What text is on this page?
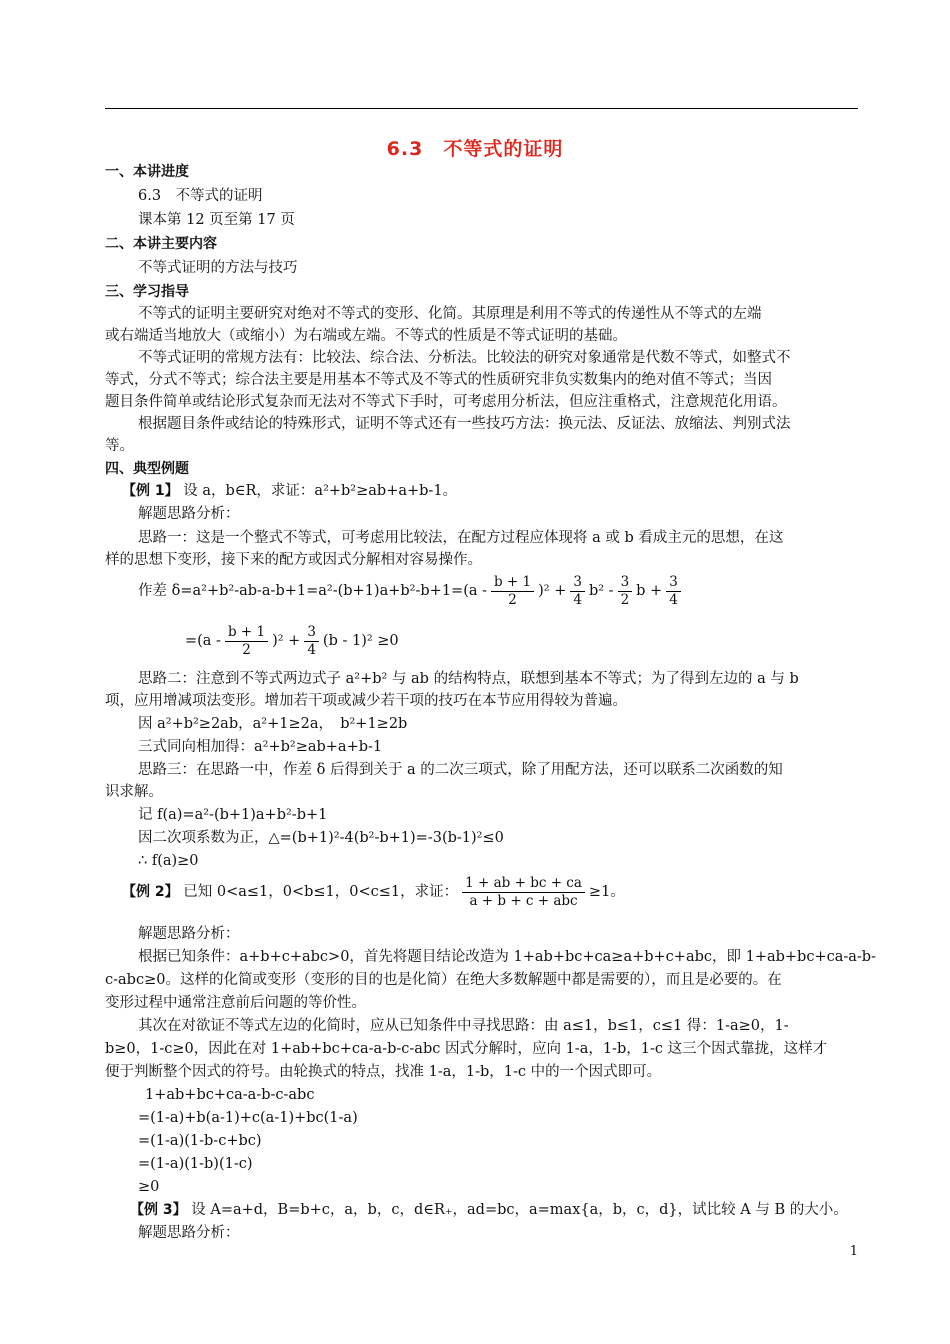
6.3　不等式的证明
一、本讲进度
6.3　不等式的证明
课本第 12 页至第 17 页
二、本讲主要内容
不等式证明的方法与技巧
三、学习指导
不等式的证明主要研究对绝对不等式的变形、化简。其原理是利用不等式的传递性从不等式的左端
或右端适当地放大（或缩小）为右端或左端。不等式的性质是不等式证明的基础。
不等式证明的常规方法有：比较法、综合法、分析法。比较法的研究对象通常是代数不等式，如整式不
等式，分式不等式；综合法主要是用基本不等式及不等式的性质研究非负实数集内的绝对值不等式；当因
题目条件简单或结论形式复杂而无法对不等式下手时，可考虑用分析法，但应注重格式，注意规范化用语。
根据题目条件或结论的特殊形式，证明不等式还有一些技巧方法：换元法、反证法、放缩法、判别式法
等。
四、典型例题
【例 1】 设 a，b∈R，求证：a²+b²≥ab+a+b-1。
解题思路分析：
思路一：这是一个整式不等式，可考虑用比较法，在配方过程应体现将 a 或 b 看成主元的思想，在这
样的思想下变形，接下来的配方或因式分解相对容易操作。
作差 $\delta=a^2+b^2-ab-a-b+1=a^2-(b+1)a+b^2-b+1=(a - \frac{b + 1}{2} )^2 + \frac{3}{4} b^2 - \frac{3}{2}$ $b + \frac{3}{4}$
$=(a - \frac{b + 1}{2} )^2 + \frac{3}{4} (b - 1)^2 \ge 0$
思路二：注意到不等式两边式子 a²+b² 与 ab 的结构特点，联想到基本不等式；为了得到左边的 a 与 b
项，应用增减项法变形。增加若干项或减少若干项的技巧在本节应用得较为普遍。
因 a²+b²≥2ab，a²+1≥2a，　b²+1≥2b
三式同向相加得：a²+b²≥ab+a+b-1
思路三：在思路一中，作差 δ 后得到关于 a 的二次三项式，除了用配方法，还可以联系二次函数的知
识求解。
记 f(a)=a²-(b+1)a+b²-b+1
因二次项系数为正，△=(b+1)²-4(b²-b+1)=-3(b-1)²≤0
∴ f(a)≥0
【例 2】 已知 0<a≤1，0<b≤1，0<c≤1，求证： $\frac{1 + ab + bc + ca}{\text{a + b + c + abc}} \ge 1$。
解题思路分析：
根据已知条件：a+b+c+abc>0，首先将题目结论改造为 1+ab+bc+ca≥a+b+c+abc，即 1+ab+bc+ca-a-b-
c-abc≥0。这样的化简或变形（变形的目的也是化简）在绝大多数解题中都是需要的），而且是必要的。在
变形过程中通常注意前后问题的等价性。
其次在对欲证不等式左边的化简时，应从已知条件中寻找思路：由 a≤1，b≤1，c≤1 得：1-a≥0，1-
b≥0，1-c≥0，因此在对 1+ab+bc+ca-a-b-c-abc 因式分解时，应向 1-a，1-b，1-c 这三个因式靠拢，这样才
便于判断整个因式的符号。由轮换式的特点，找准 1-a，1-b，1-c 中的一个因式即可。
1+ab+bc+ca-a-b-c-abc
=(1-a)+b(a-1)+c(a-1)+bc(1-a)
=(1-a)(1-b-c+bc)
=(1-a)(1-b)(1-c)
≥0
【例 3】 设 A=a+d，B=b+c，a，b，c，d∈R₊，ad=bc，a=max{a，b，c，d}，试比较 A 与 B 的大小。
解题思路分析：
1
